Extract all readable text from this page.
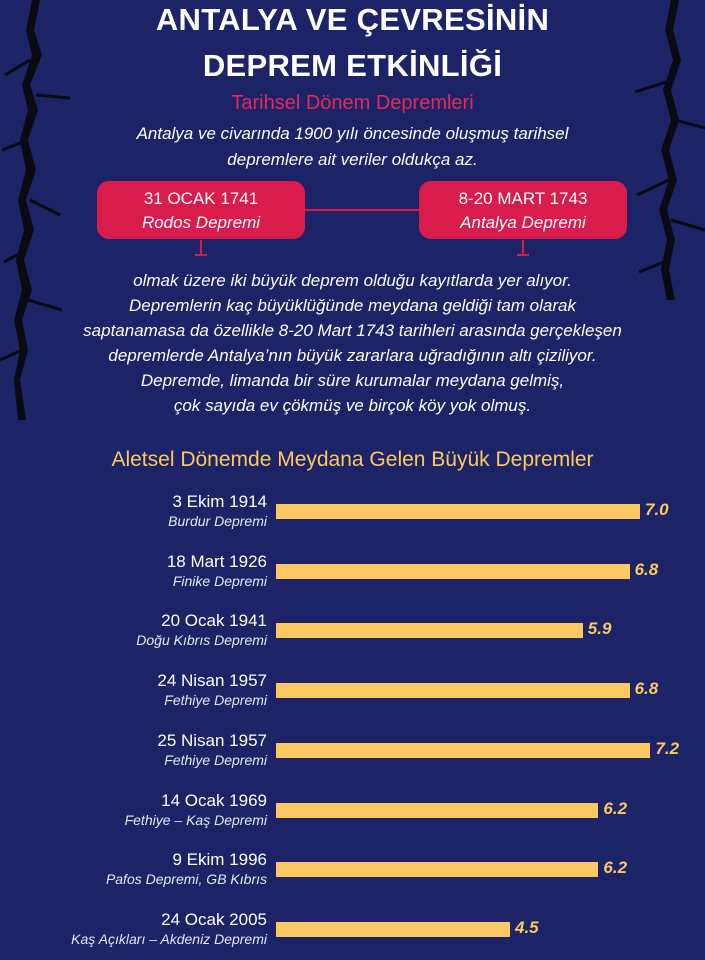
ANTALYA VE ÇEVRESİNİN
DEPREM ETKİNLİĞİ
Tarihsel Dönem Depremleri
Antalya ve civarında 1900 yılı öncesinde oluşmuş tarihsel
depremlere ait veriler oldukça az.
31 OCAK 1741
Rodos Depremi
8-20 MART 1743
Antalya Depremi
olmak üzere iki büyük deprem olduğu kayıtlarda yer alıyor.
Depremlerin kaç büyüklüğünde meydana geldiği tam olarak
saptanamasa da özellikle 8-20 Mart 1743 tarihleri arasında gerçekleşen
depremlerde Antalya’nın büyük zararlara uğradığının altı çiziliyor.
Depremde, limanda bir süre kurumalar meydana gelmiş,
çok sayıda ev çökmüş ve birçok köy yok olmuş.
Aletsel Dönemde Meydana Gelen Büyük Depremler
3 Ekim 1914
Burdur Depremi
7.0
18 Mart 1926
Finike Depremi
6.8
20 Ocak 1941
Doğu Kıbrıs Depremi
5.9
24 Nisan 1957
Fethiye Depremi
6.8
25 Nisan 1957
Fethiye Depremi
7.2
14 Ocak 1969
Fethiye – Kaş Depremi
6.2
9 Ekim 1996
Pafos Depremi, GB Kıbrıs
6.2
24 Ocak 2005
Kaş Açıkları – Akdeniz Depremi
4.5
